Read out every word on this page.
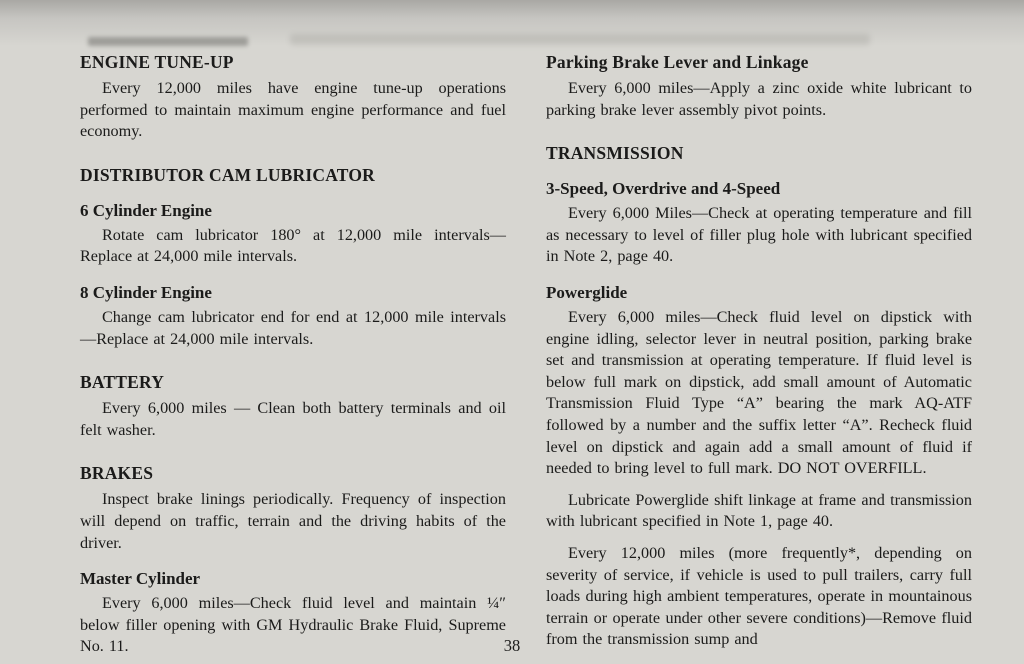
ENGINE TUNE-UP

Every 12,000 miles have engine tune-up operations performed to maintain maximum engine performance and fuel economy.

DISTRIBUTOR CAM LUBRICATOR
6 Cylinder Engine

Rotate cam lubricator 180° at 12,000 mile intervals—Replace at 24,000 mile intervals.

8 Cylinder Engine

Change cam lubricator end for end at 12,000 mile intervals—Replace at 24,000 mile intervals.

BATTERY

Every 6,000 miles — Clean both battery terminals and oil felt washer.

BRAKES

Inspect brake linings periodically. Frequency of inspection will depend on traffic, terrain and the driving habits of the driver.

Master Cylinder

Every 6,000 miles—Check fluid level and maintain ¼″ below filler opening with GM Hydraulic Brake Fluid, Supreme No. 11.

Parking Brake Lever and Linkage

Every 6,000 miles—Apply a zinc oxide white lubricant to parking brake lever assembly pivot points.

TRANSMISSION
3-Speed, Overdrive and 4-Speed

Every 6,000 Miles—Check at operating temperature and fill as necessary to level of filler plug hole with lubricant specified in Note 2, page 40.

Powerglide

Every 6,000 miles—Check fluid level on dipstick with engine idling, selector lever in neutral position, parking brake set and transmission at operating temperature. If fluid level is below full mark on dipstick, add small amount of Automatic Transmission Fluid Type “A” bearing the mark AQ-ATF followed by a number and the suffix letter “A”. Recheck fluid level on dipstick and again add a small amount of fluid if needed to bring level to full mark. DO NOT OVERFILL.

Lubricate Powerglide shift linkage at frame and transmission with lubricant specified in Note 1, page 40.

Every 12,000 miles (more frequently*, depending on severity of service, if vehicle is used to pull trailers, carry full loads during high ambient temperatures, operate in mountainous terrain or operate under other severe conditions)—Remove fluid from the transmission sump and

38
